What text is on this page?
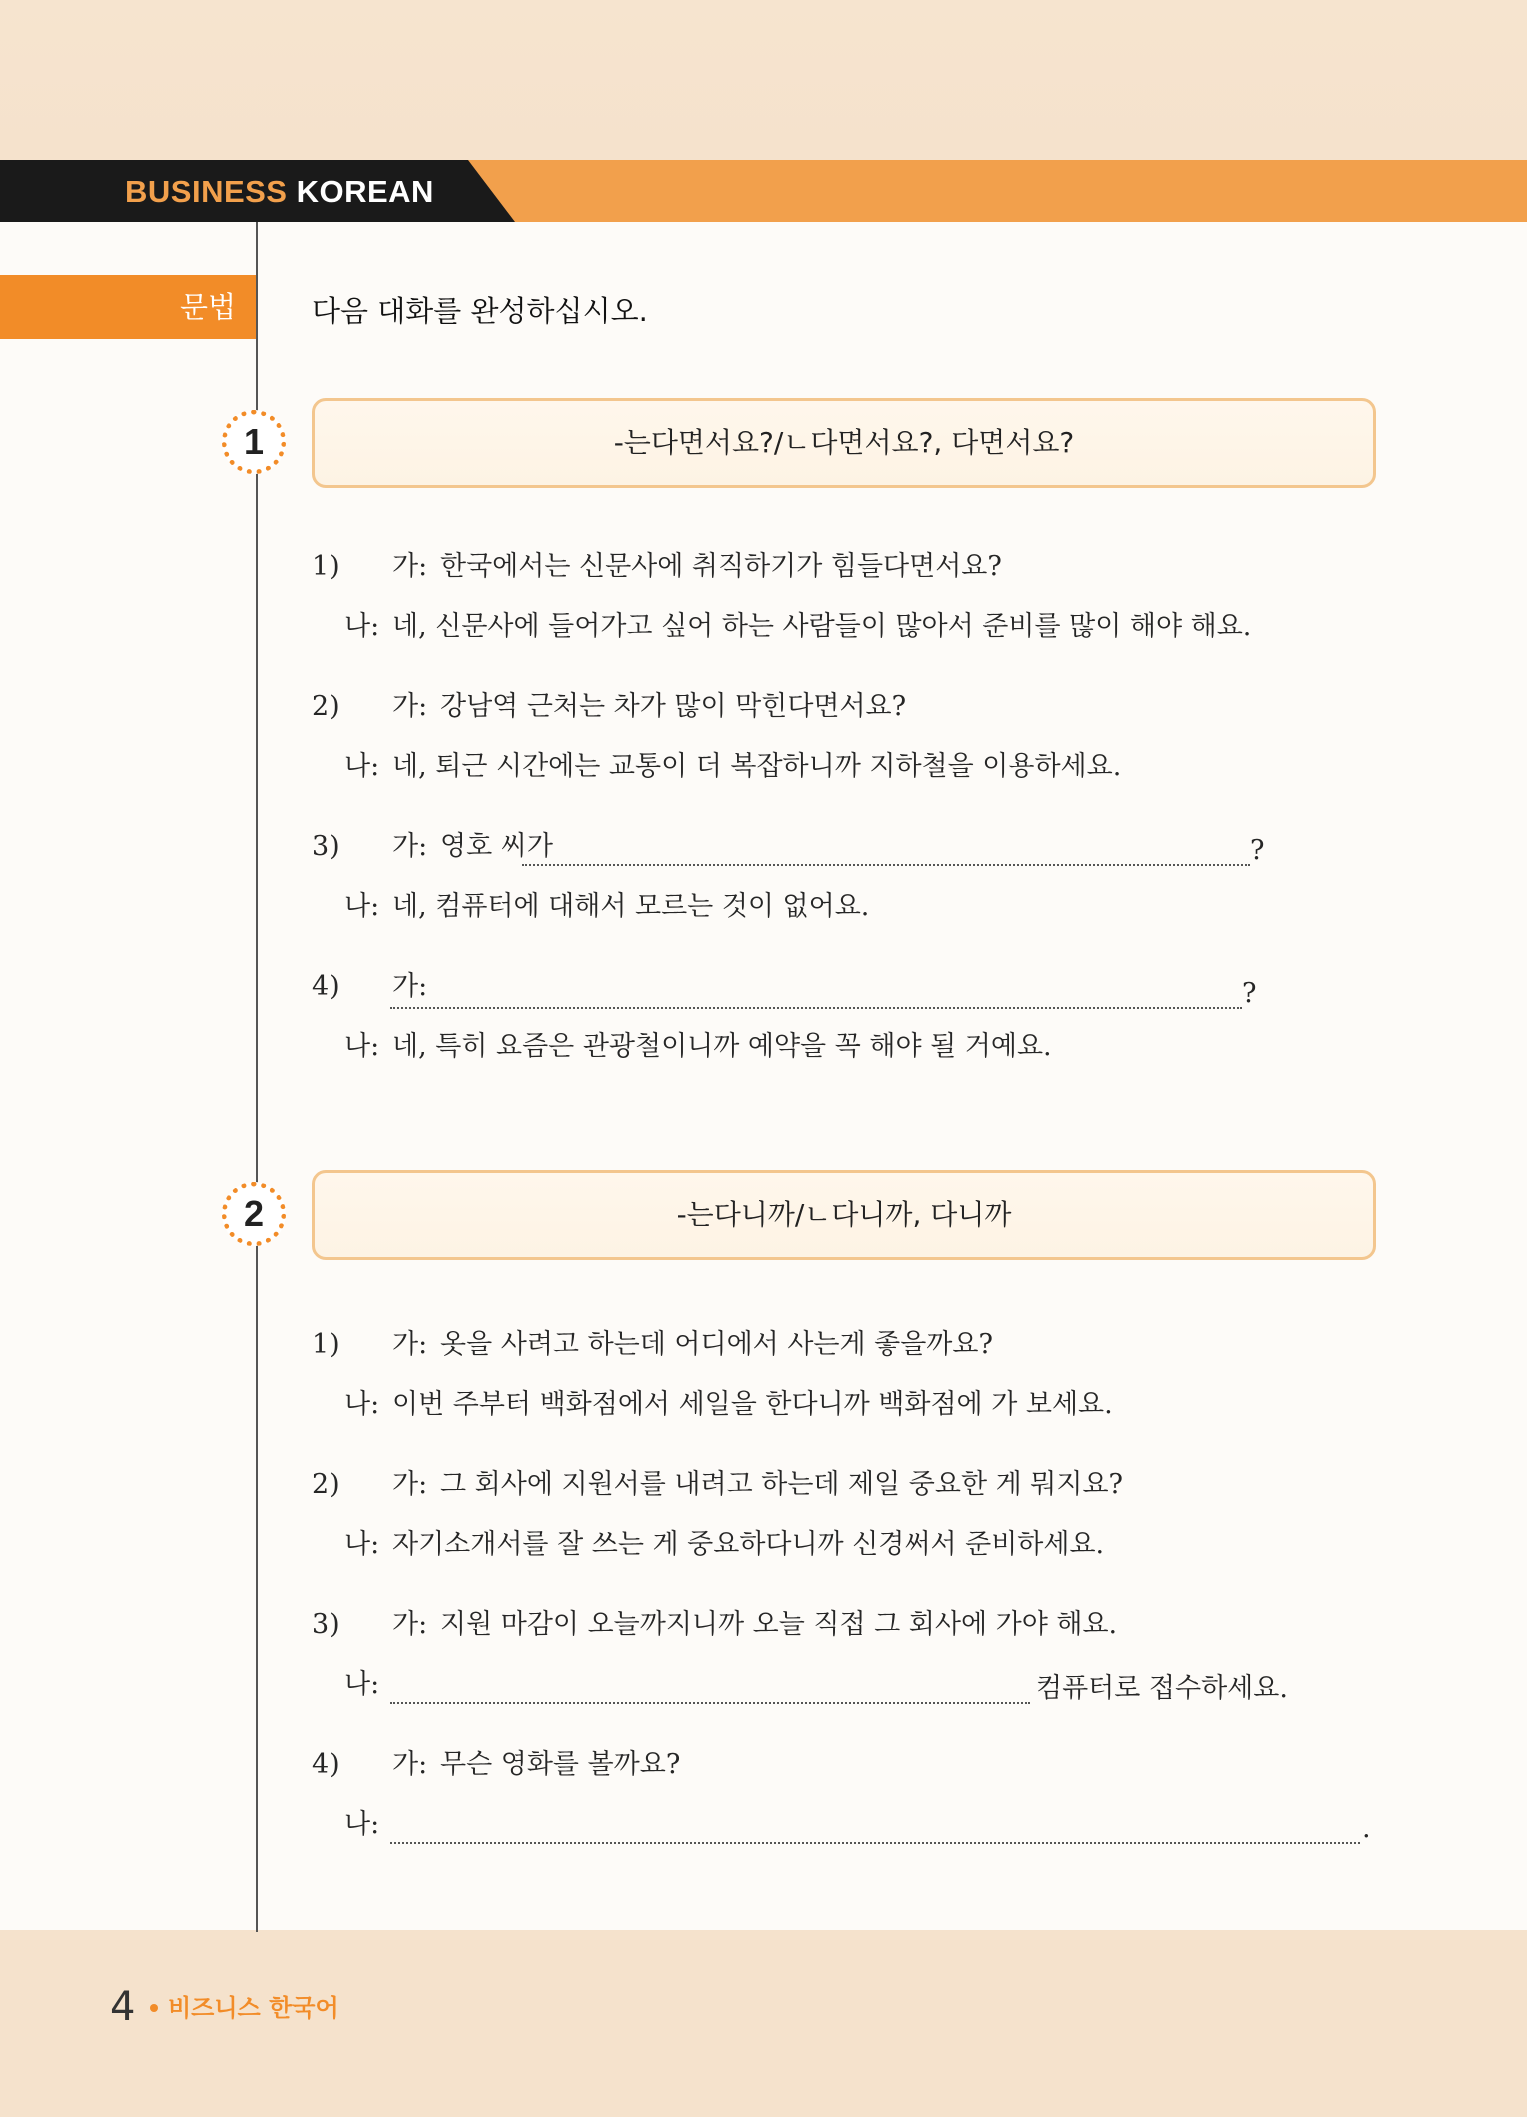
BUSINESS KOREAN
문법	다음 대화를 완성하십시오.
1	-는다면서요?/ㄴ다면서요?, 다면서요?
1) 가: 한국에서는 신문사에 취직하기가 힘들다면서요?
나: 네, 신문사에 들어가고 싶어 하는 사람들이 많아서 준비를 많이 해야 해요.
2) 가: 강남역 근처는 차가 많이 막힌다면서요?
나: 네, 퇴근 시간에는 교통이 더 복잡하니까 지하철을 이용하세요.
3) 가: 영호 씨가	?
나: 네, 컴퓨터에 대해서 모르는 것이 없어요.
4) 가:	?
나: 네, 특히 요즘은 관광철이니까 예약을 꼭 해야 될 거예요.
2	-는다니까/ㄴ다니까, 다니까
1) 가: 옷을 사려고 하는데 어디에서 사는게 좋을까요?
나: 이번 주부터 백화점에서 세일을 한다니까 백화점에 가 보세요.
2) 가: 그 회사에 지원서를 내려고 하는데 제일 중요한 게 뭐지요?
나: 자기소개서를 잘 쓰는 게 중요하다니까 신경써서 준비하세요.
3) 가: 지원 마감이 오늘까지니까 오늘 직접 그 회사에 가야 해요.
나:	컴퓨터로 접수하세요.
4) 가: 무슨 영화를 볼까요?
나:	.
4 비즈니스 한국어
